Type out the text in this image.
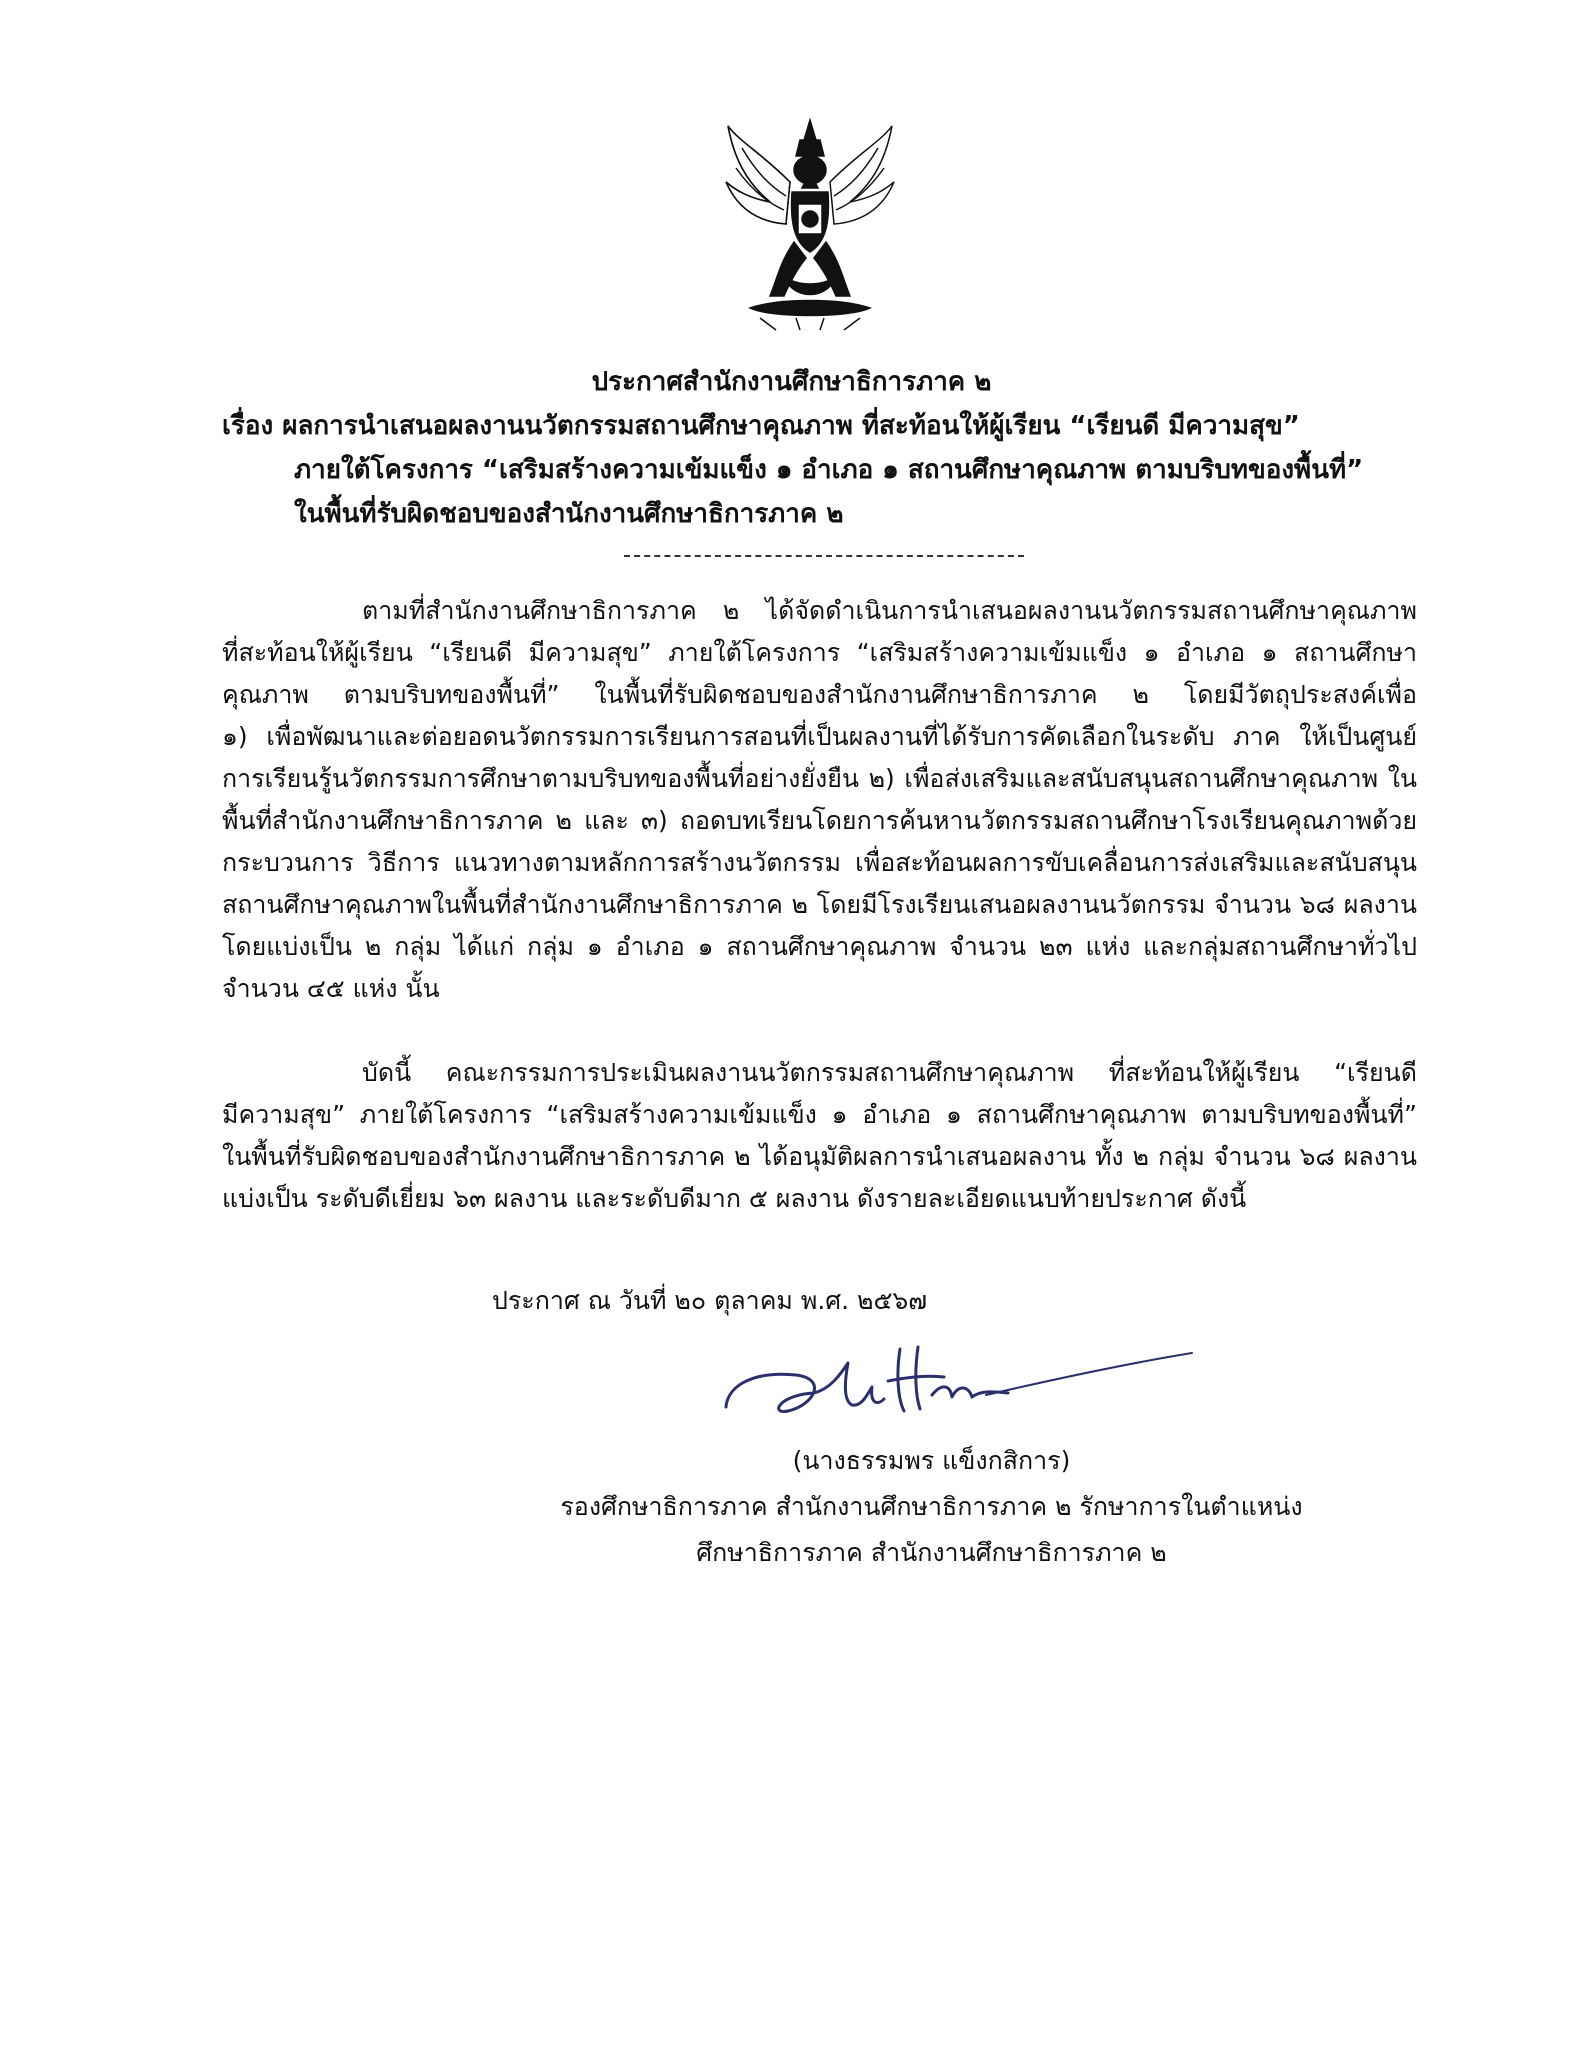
ประกาศสำนักงานศึกษาธิการภาค ๒
เรื่อง ผลการนำเสนอผลงานนวัตกรรมสถานศึกษาคุณภาพ ที่สะท้อนให้ผู้เรียน “เรียนดี มีความสุข”
ภายใต้โครงการ “เสริมสร้างความเข้มแข็ง ๑ อำเภอ ๑ สถานศึกษาคุณภาพ ตามบริบทของพื้นที่”
ในพื้นที่รับผิดชอบของสำนักงานศึกษาธิการภาค ๒
ตามที่สำนักงานศึกษาธิการภาค ๒ ได้จัดดำเนินการนำเสนอผลงานนวัตกรรมสถานศึกษาคุณภาพ
ที่สะท้อนให้ผู้เรียน “เรียนดี มีความสุข” ภายใต้โครงการ “เสริมสร้างความเข้มแข็ง ๑ อำเภอ ๑ สถานศึกษา
คุณภาพ ตามบริบทของพื้นที่” ในพื้นที่รับผิดชอบของสำนักงานศึกษาธิการภาค ๒ โดยมีวัตถุประสงค์เพื่อ
๑) เพื่อพัฒนาและต่อยอดนวัตกรรมการเรียนการสอนที่เป็นผลงานที่ได้รับการคัดเลือกในระดับ ภาค ให้เป็นศูนย์
การเรียนรู้นวัตกรรมการศึกษาตามบริบทของพื้นที่อย่างยั่งยืน ๒) เพื่อส่งเสริมและสนับสนุนสถานศึกษาคุณภาพ ใน
พื้นที่สำนักงานศึกษาธิการภาค ๒ และ ๓) ถอดบทเรียนโดยการค้นหานวัตกรรมสถานศึกษาโรงเรียนคุณภาพด้วย
กระบวนการ วิธีการ แนวทางตามหลักการสร้างนวัตกรรม เพื่อสะท้อนผลการขับเคลื่อนการส่งเสริมและสนับสนุน
สถานศึกษาคุณภาพในพื้นที่สำนักงานศึกษาธิการภาค ๒ โดยมีโรงเรียนเสนอผลงานนวัตกรรม จำนวน ๖๘ ผลงาน
โดยแบ่งเป็น ๒ กลุ่ม ได้แก่ กลุ่ม ๑ อำเภอ ๑ สถานศึกษาคุณภาพ จำนวน ๒๓ แห่ง และกลุ่มสถานศึกษาทั่วไป
จำนวน ๔๕ แห่ง นั้น
บัดนี้ คณะกรรมการประเมินผลงานนวัตกรรมสถานศึกษาคุณภาพ ที่สะท้อนให้ผู้เรียน “เรียนดี
มีความสุข” ภายใต้โครงการ “เสริมสร้างความเข้มแข็ง ๑ อำเภอ ๑ สถานศึกษาคุณภาพ ตามบริบทของพื้นที่”
ในพื้นที่รับผิดชอบของสำนักงานศึกษาธิการภาค ๒ ได้อนุมัติผลการนำเสนอผลงาน ทั้ง ๒ กลุ่ม จำนวน ๖๘ ผลงาน
แบ่งเป็น ระดับดีเยี่ยม ๖๓ ผลงาน และระดับดีมาก ๕ ผลงาน ดังรายละเอียดแนบท้ายประกาศ ดังนี้
ประกาศ ณ วันที่ ๒๐ ตุลาคม พ.ศ. ๒๕๖๗
(นางธรรมพร แข็งกสิการ)
รองศึกษาธิการภาค สำนักงานศึกษาธิการภาค ๒ รักษาการในตำแหน่ง
ศึกษาธิการภาค สำนักงานศึกษาธิการภาค ๒
